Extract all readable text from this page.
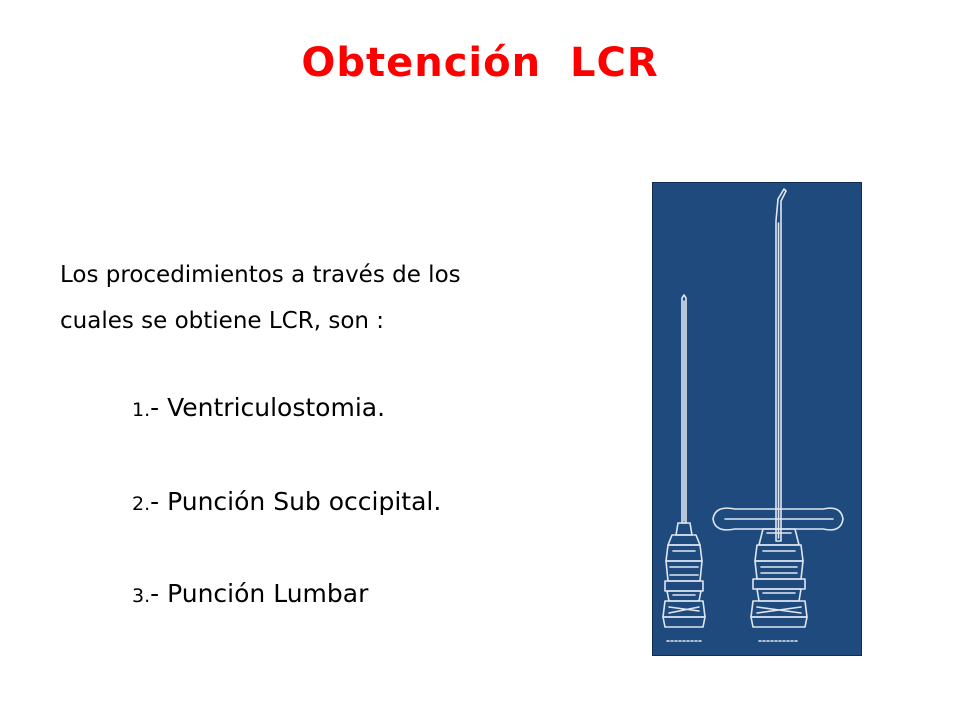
Obtención LCR
Los procedimientos a través de los
cuales se obtiene LCR, son :
1.- Ventriculostomia.
2.- Punción Sub occipital.
3.- Punción Lumbar
